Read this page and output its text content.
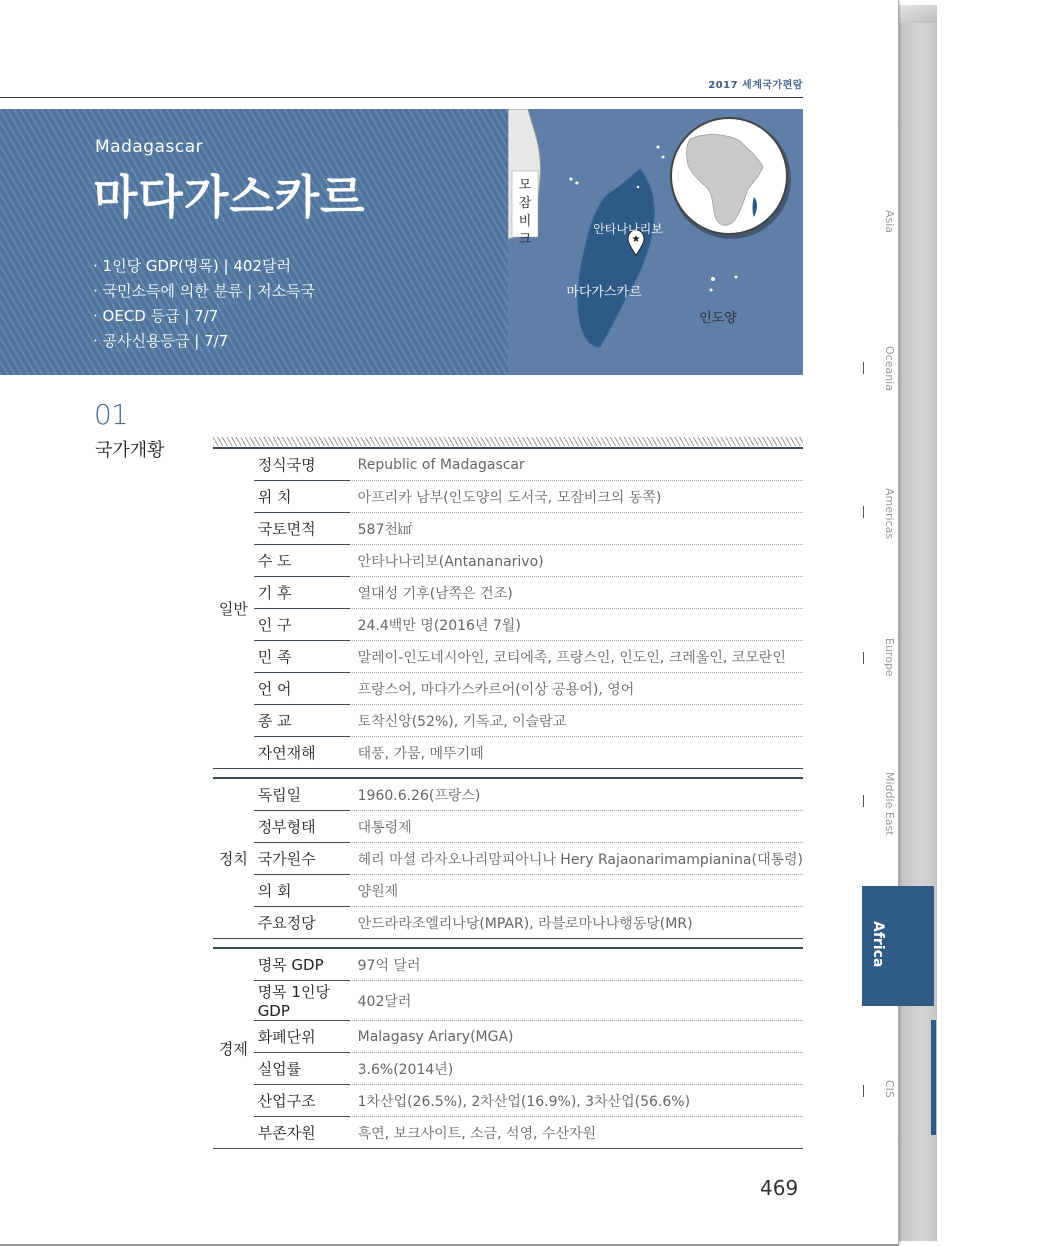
2017 세계국가편람
Madagascar
마다가스카르
· 1인당 GDP(명목) | 402달러
· 국민소득에 의한 분류 | 저소득국
· OECD 등급 | 7/7
· 공사신용등급 | 7/7
모
잠
비
크	★
안타나나리보
마다가스카르
인도양
01
국가개황
일반	정식국명	Republic of Madagascar
	위 치	아프리카 남부(인도양의 도서국, 모잠비크의 동쪽)
	국토면적	587천㎢
	수 도	안타나나리보(Antananarivo)
	기 후	열대성 기후(남쪽은 건조)
	인 구	24.4백만 명(2016년 7월)
	민 족	말레이-인도네시아인, 코티에족, 프랑스인, 인도인, 크레올인, 코모란인
	언 어	프랑스어, 마다가스카르어(이상 공용어), 영어
	종 교	토착신앙(52%), 기독교, 이슬람교
	자연재해	태풍, 가뭄, 메뚜기떼

정치	독립일	1960.6.26(프랑스)
	정부형태	대통령제
	국가원수	헤리 마셜 라자오나리맘피아니나 Hery Rajaonarimampianina(대통령)
	의 회	양원제
	주요정당	안드라라조엘리나당(MPAR), 라블로마나나행동당(MR)

경제	명목 GDP	97억 달러
	명목 1인당 GDP	402달러
	화폐단위	Malagasy Ariary(MGA)
	실업률	3.6%(2014년)
	산업구조	1차산업(26.5%), 2차산업(16.9%), 3차산업(56.6%)
	부존자원	흑연, 보크사이트, 소금, 석영, 수산자원
469
Asia
Oceania
Americas
Europe
Middle East
Africa
CIS
